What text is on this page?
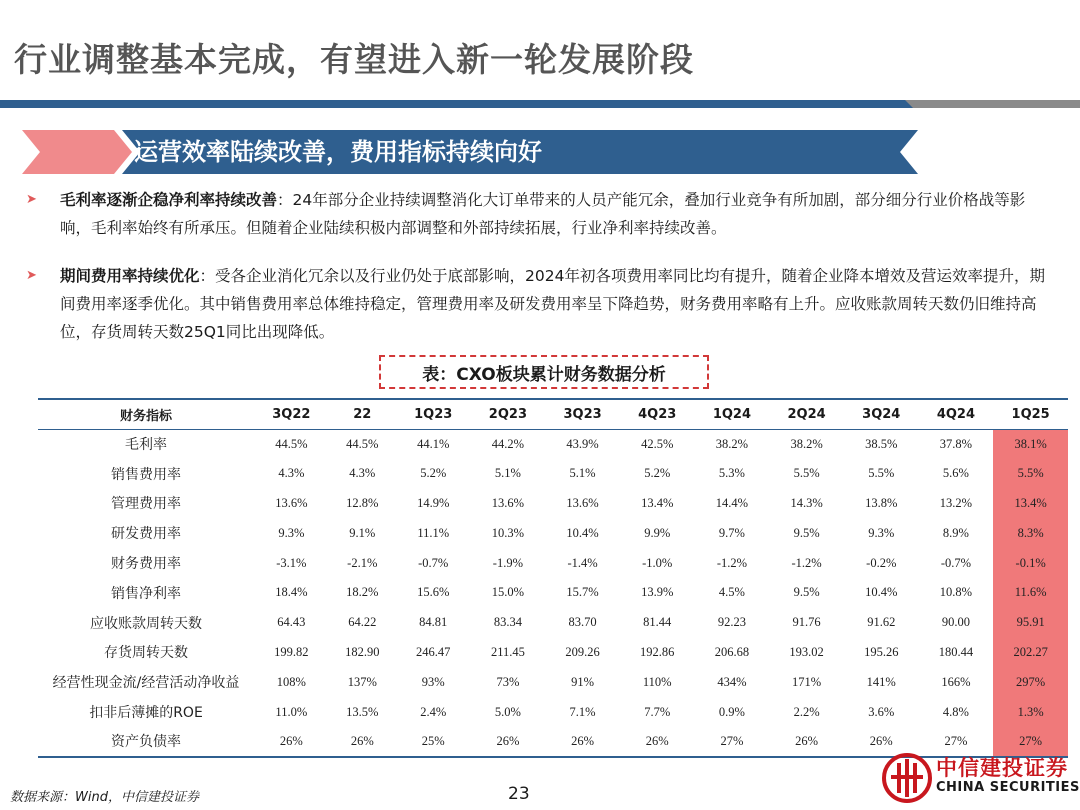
行业调整基本完成，有望进入新一轮发展阶段
运营效率陆续改善，费用指标持续向好
➤ 毛利率逐渐企稳净利率持续改善：24年部分企业持续调整消化大订单带来的人员产能冗余，叠加行业竞争有所加剧，部分细分行业价格战等影响，毛利率始终有所承压。但随着企业陆续积极内部调整和外部持续拓展，行业净利率持续改善。
➤ 期间费用率持续优化：受各企业消化冗余以及行业仍处于底部影响，2024年初各项费用率同比均有提升，随着企业降本增效及营运效率提升，期间费用率逐季优化。其中销售费用率总体维持稳定，管理费用率及研发费用率呈下降趋势，财务费用率略有上升。应收账款周转天数仍旧维持高位，存货周转天数25Q1同比出现降低。
表：CXO板块累计财务数据分析
财务指标	3Q22	22	1Q23	2Q23	3Q23	4Q23	1Q24	2Q24	3Q24	4Q24	1Q25
毛利率	44.5%	44.5%	44.1%	44.2%	43.9%	42.5%	38.2%	38.2%	38.5%	37.8%	38.1%
销售费用率	4.3%	4.3%	5.2%	5.1%	5.1%	5.2%	5.3%	5.5%	5.5%	5.6%	5.5%
管理费用率	13.6%	12.8%	14.9%	13.6%	13.6%	13.4%	14.4%	14.3%	13.8%	13.2%	13.4%
研发费用率	9.3%	9.1%	11.1%	10.3%	10.4%	9.9%	9.7%	9.5%	9.3%	8.9%	8.3%
财务费用率	-3.1%	-2.1%	-0.7%	-1.9%	-1.4%	-1.0%	-1.2%	-1.2%	-0.2%	-0.7%	-0.1%
销售净利率	18.4%	18.2%	15.6%	15.0%	15.7%	13.9%	4.5%	9.5%	10.4%	10.8%	11.6%
应收账款周转天数	64.43	64.22	84.81	83.34	83.70	81.44	92.23	91.76	91.62	90.00	95.91
存货周转天数	199.82	182.90	246.47	211.45	209.26	192.86	206.68	193.02	195.26	180.44	202.27
经营性现金流/经营活动净收益	108%	137%	93%	73%	91%	110%	434%	171%	141%	166%	297%
扣非后薄摊的ROE	11.0%	13.5%	2.4%	5.0%	7.1%	7.7%	0.9%	2.2%	3.6%	4.8%	1.3%
资产负债率	26%	26%	25%	26%	26%	26%	27%	26%	26%	27%	27%
数据来源：Wind，中信建投证券	23
中信建投证券
CHINA SECURITIES
